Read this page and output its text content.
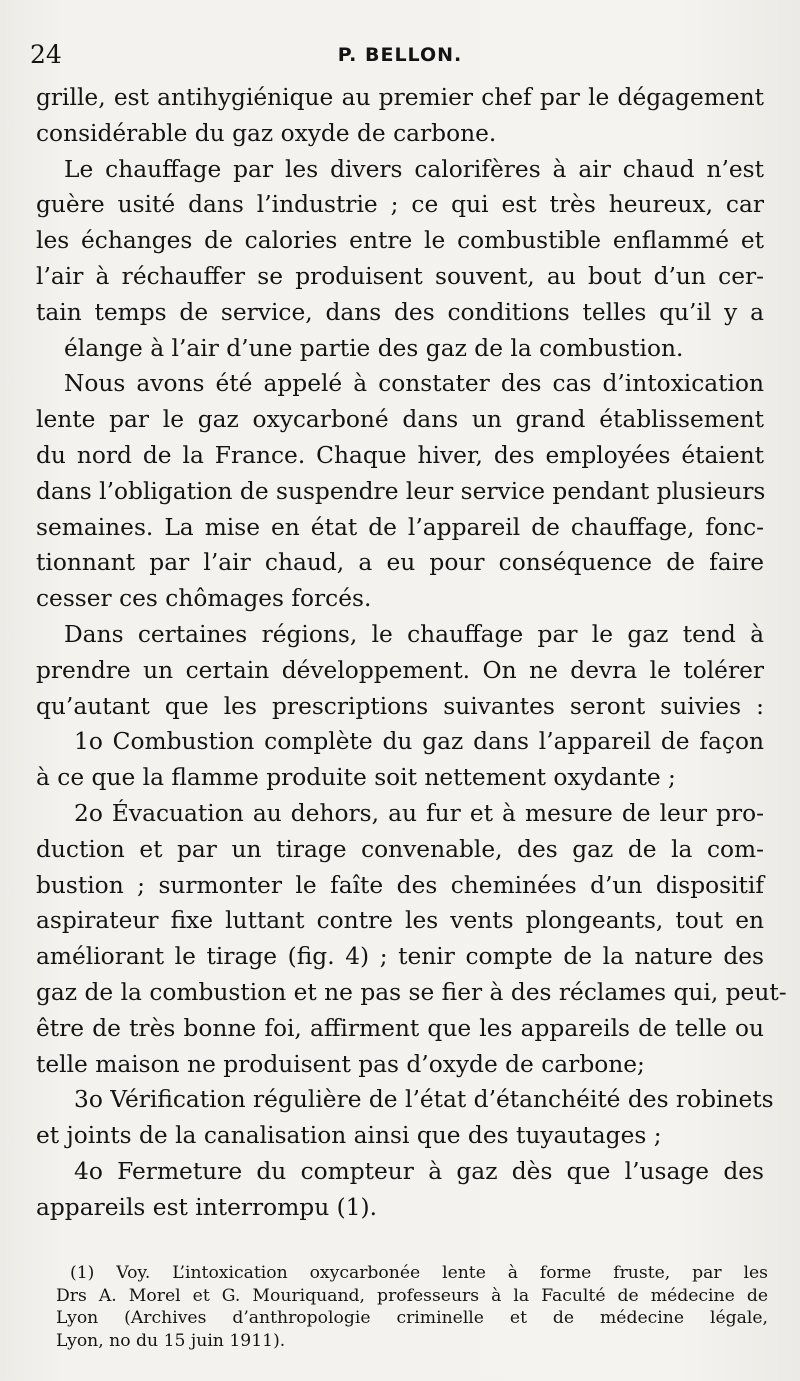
24	P. BELLON.
grille, est antihygiénique au premier chef par le dégagement
considérable du gaz oxyde de carbone.
Le chauffage par les divers calorifères à air chaud n’est
guère usité dans l’industrie ; ce qui est très heureux, car
les échanges de calories entre le combustible enflammé et
l’air à réchauffer se produisent souvent, au bout d’un cer-
tain temps de service, dans des conditions telles qu’il y a
élange à l’air d’une partie des gaz de la combustion.
Nous avons été appelé à constater des cas d’intoxication
lente par le gaz oxycarboné dans un grand établissement
du nord de la France. Chaque hiver, des employées étaient
dans l’obligation de suspendre leur service pendant plusieurs
semaines. La mise en état de l’appareil de chauffage, fonc-
tionnant par l’air chaud, a eu pour conséquence de faire
cesser ces chômages forcés.
Dans certaines régions, le chauffage par le gaz tend à
prendre un certain développement. On ne devra le tolérer
qu’autant que les prescriptions suivantes seront suivies :
1o Combustion complète du gaz dans l’appareil de façon
à ce que la flamme produite soit nettement oxydante ;
2o Évacuation au dehors, au fur et à mesure de leur pro-
duction et par un tirage convenable, des gaz de la com-
bustion ; surmonter le faîte des cheminées d’un dispositif
aspirateur fixe luttant contre les vents plongeants, tout en
améliorant le tirage (fig. 4) ; tenir compte de la nature des
gaz de la combustion et ne pas se fier à des réclames qui, peut-
être de très bonne foi, affirment que les appareils de telle ou
telle maison ne produisent pas d’oxyde de carbone;
3o Vérification régulière de l’état d’étanchéité des robinets
et joints de la canalisation ainsi que des tuyautages ;
4o Fermeture du compteur à gaz dès que l’usage des
appareils est interrompu (1).
(1) Voy. L’intoxication oxycarbonée lente à forme fruste, par les
Drs A. Morel et G. Mouriquand, professeurs à la Faculté de médecine de
Lyon (Archives d’anthropologie criminelle et de médecine légale,
Lyon, no du 15 juin 1911).
